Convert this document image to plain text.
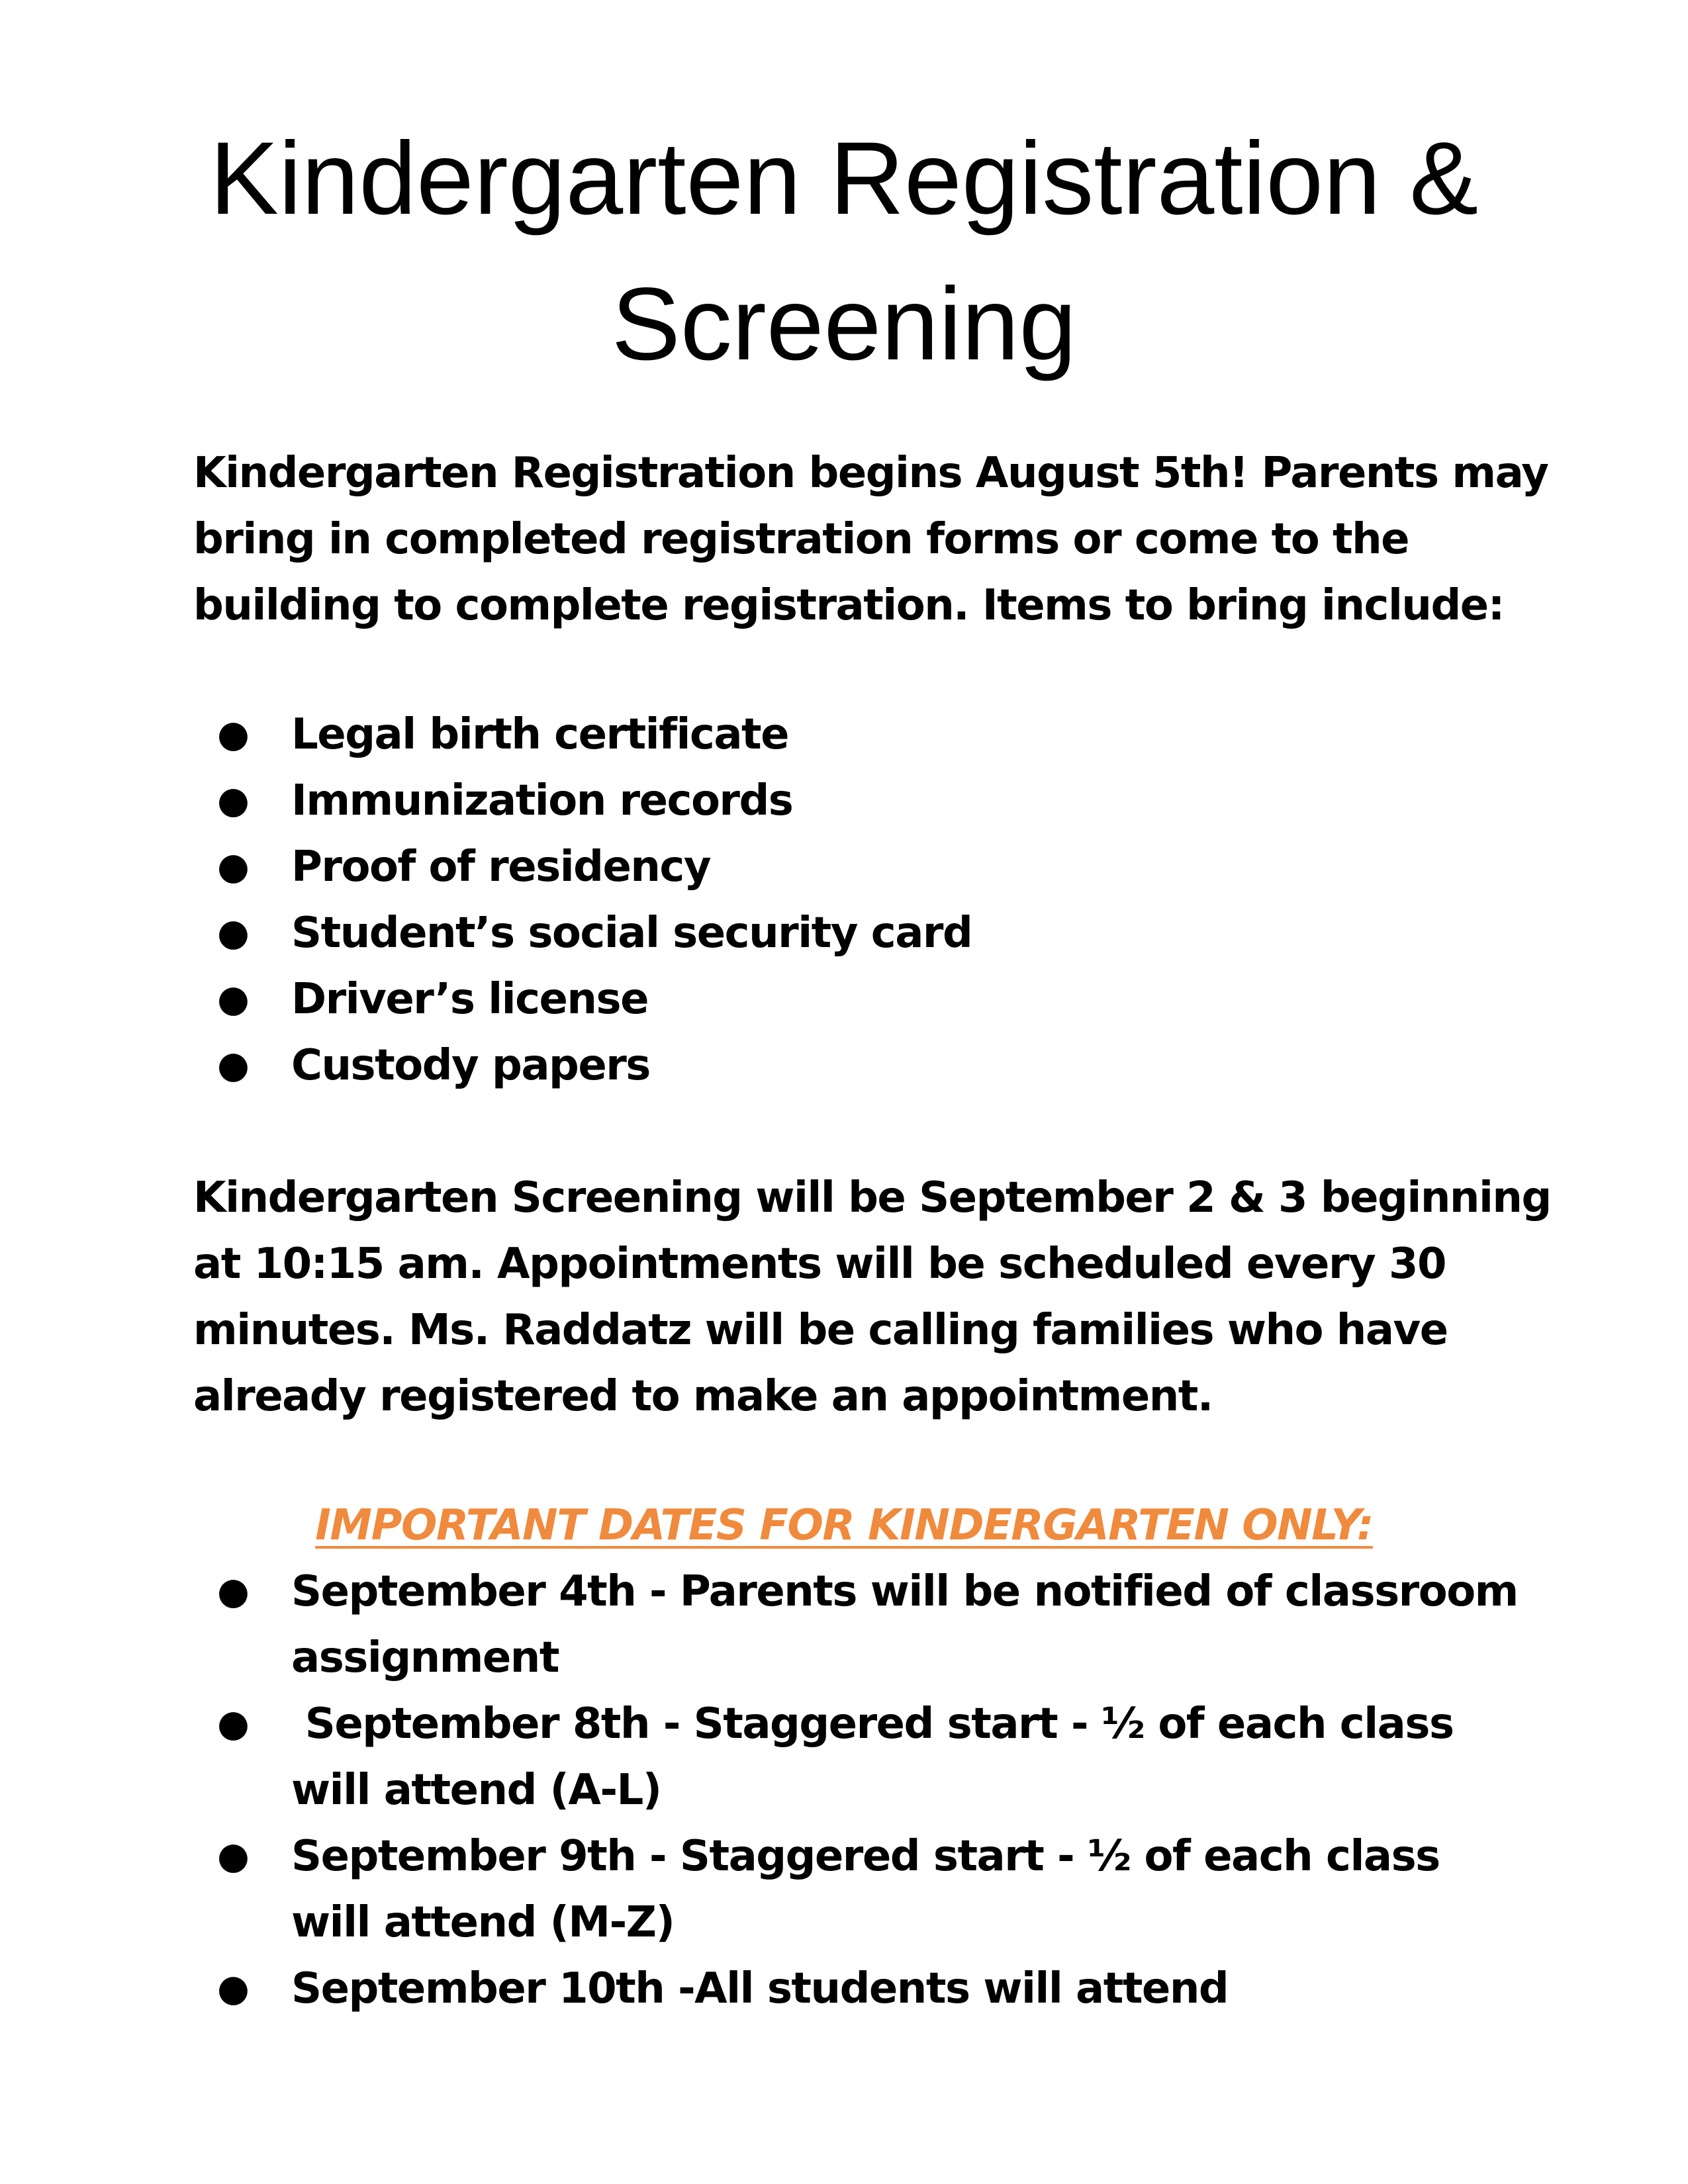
Kindergarten Registration & Screening

Kindergarten Registration begins August 5th! Parents may bring in completed registration forms or come to the building to complete registration. Items to bring include:

● Legal birth certificate
● Immunization records
● Proof of residency
● Student’s social security card
● Driver’s license
● Custody papers

Kindergarten Screening will be September 2 & 3 beginning at 10:15 am. Appointments will be scheduled every 30 minutes. Ms. Raddatz will be calling families who have already registered to make an appointment.

IMPORTANT DATES FOR KINDERGARTEN ONLY:

● September 4th - Parents will be notified of classroom assignment
● September 8th - Staggered start - ½ of each class will attend (A-L)
● September 9th - Staggered start - ½ of each class will attend (M-Z)
● September 10th -All students will attend
